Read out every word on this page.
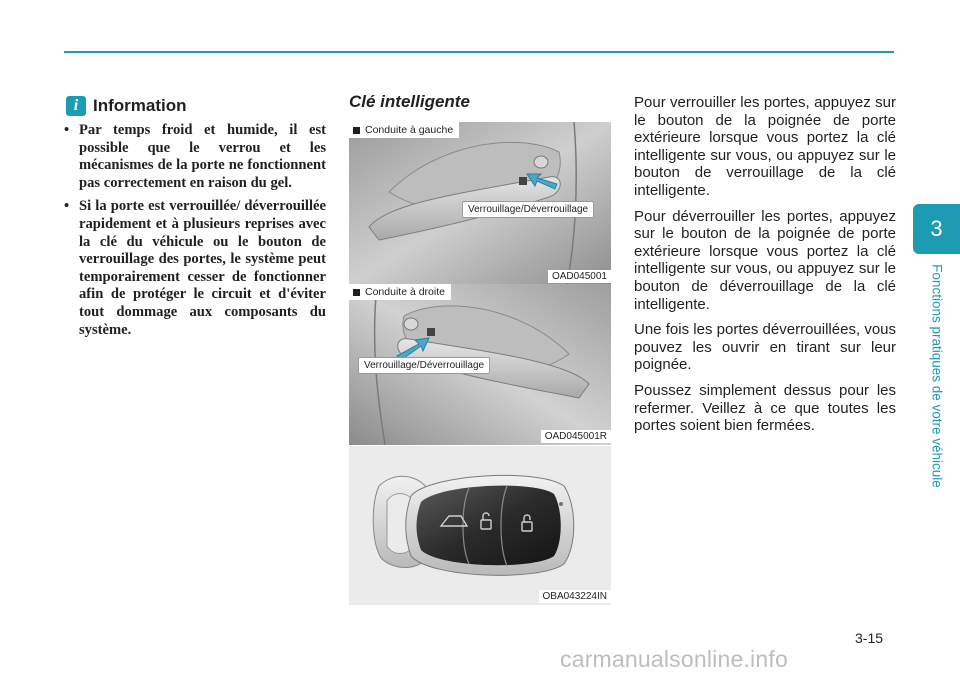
i Information
• Par temps froid et humide, il est possible que le verrou et les mécanismes de la porte ne fonctionnent pas correctement en raison du gel.
• Si la porte est verrouillée/ déverrouillée rapidement et à plusieurs reprises avec la clé du véhicule ou le bouton de verrouillage des portes, le système peut temporairement cesser de fonctionner afin de protéger le circuit et d'éviter tout dommage aux composants du système.
Clé intelligente
Conduite à gauche
Verrouillage/Déverrouillage
OAD045001
Conduite à droite
Verrouillage/Déverrouillage
OAD045001R
OBA043224IN

Pour verrouiller les portes, appuyez sur le bouton de la poignée de porte extérieure lorsque vous portez la clé intelligente sur vous, ou appuyez sur le bouton de verrouillage de la clé intelligente.

Pour déverrouiller les portes, appuyez sur le bouton de la poignée de porte extérieure lorsque vous portez la clé intelligente sur vous, ou appuyez sur le bouton de déverrouillage de la clé intelligente.

Une fois les portes déverrouillées, vous pouvez les ouvrir en tirant sur leur poignée.

Poussez simplement dessus pour les refermer. Veillez à ce que toutes les portes soient bien fermées.

3
Fonctions pratiques de votre véhicule
3-15
carmanualsonline.info
